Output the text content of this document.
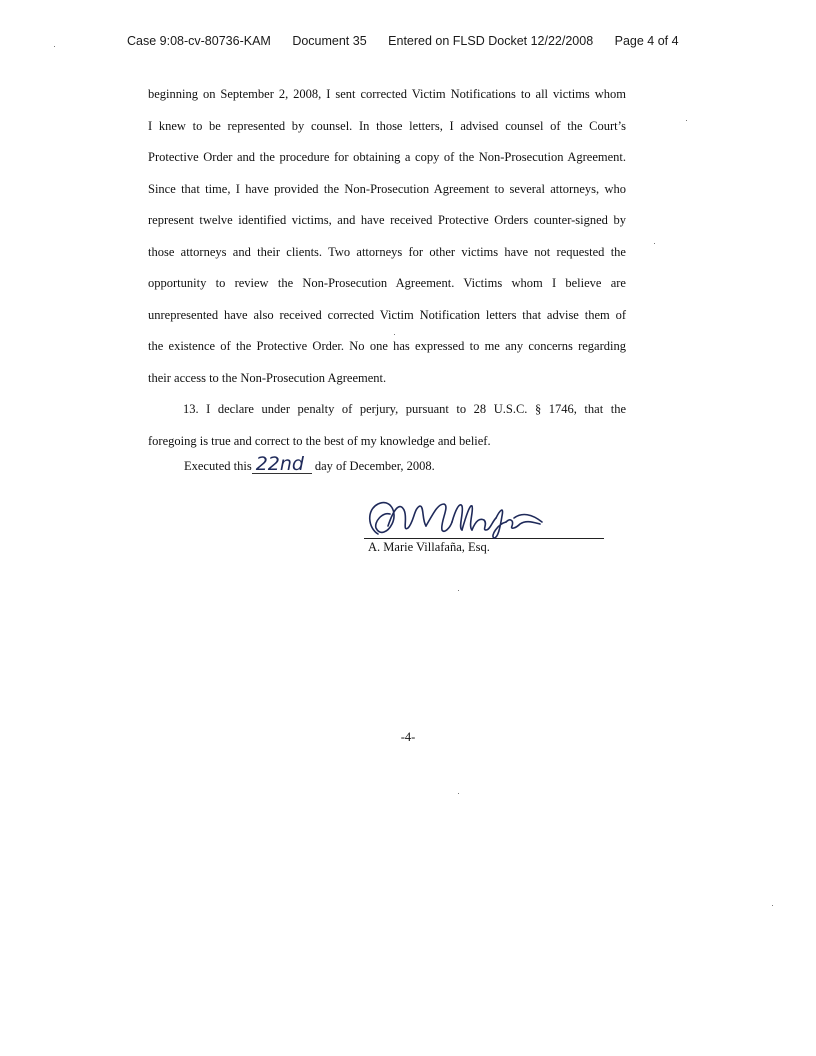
Case 9:08-cv-80736-KAM Document 35 Entered on FLSD Docket 12/22/2008 Page 4 of 4
beginning on September 2, 2008, I sent corrected Victim Notifications to all victims whom
I knew to be represented by counsel. In those letters, I advised counsel of the Court’s
Protective Order and the procedure for obtaining a copy of the Non-Prosecution Agreement.
Since that time, I have provided the Non-Prosecution Agreement to several attorneys, who
represent twelve identified victims, and have received Protective Orders counter-signed by
those attorneys and their clients. Two attorneys for other victims have not requested the
opportunity to review the Non-Prosecution Agreement. Victims whom I believe are
unrepresented have also received corrected Victim Notification letters that advise them of
the existence of the Protective Order. No one has expressed to me any concerns regarding
their access to the Non-Prosecution Agreement.
13. I declare under penalty of perjury, pursuant to 28 U.S.C. § 1746, that the
foregoing is true and correct to the best of my knowledge and belief.
Executed this 22nd day of December, 2008.
A. Marie Villafaña, Esq.
-4-
